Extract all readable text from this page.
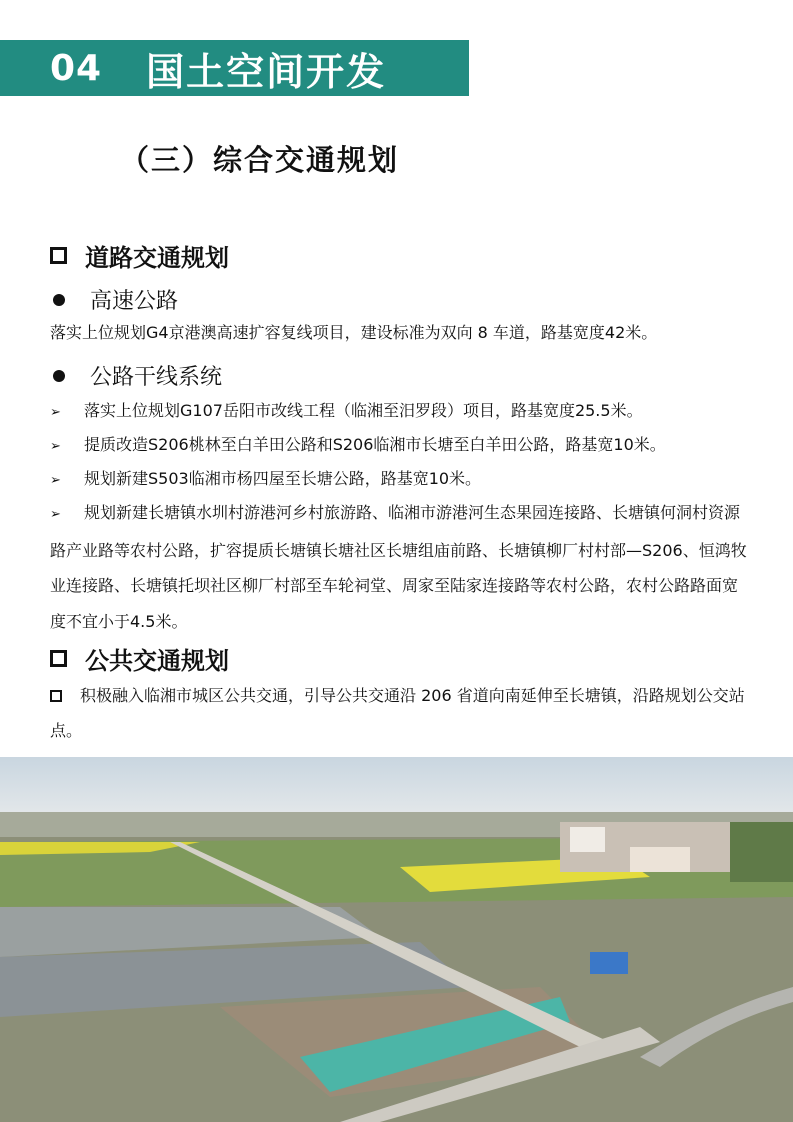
04 国土空间开发
（三）综合交通规划
道路交通规划
高速公路
落实上位规划G4京港澳高速扩容复线项目，建设标准为双向 8 车道，路基宽度42米。
公路干线系统
➢ 落实上位规划G107岳阳市改线工程（临湘至汨罗段）项目，路基宽度25.5米。
➢ 提质改造S206桃林至白羊田公路和S206临湘市长塘至白羊田公路，路基宽10米。
➢ 规划新建S503临湘市杨四屋至长塘公路，路基宽10米。
➢ 规划新建长塘镇水圳村游港河乡村旅游路、临湘市游港河生态果园连接路、长塘镇何洞村资源路产业路等农村公路，扩容提质长塘镇长塘社区长塘组庙前路、长塘镇柳厂村村部—S206、恒鸿牧业连接路、长塘镇托坝社区柳厂村部至车轮祠堂、周家至陆家连接路等农村公路，农村公路路面宽度不宜小于4.5米。
公共交通规划
积极融入临湘市城区公共交通，引导公共交通沿 206 省道向南延伸至长塘镇，沿路规划公交站点。
